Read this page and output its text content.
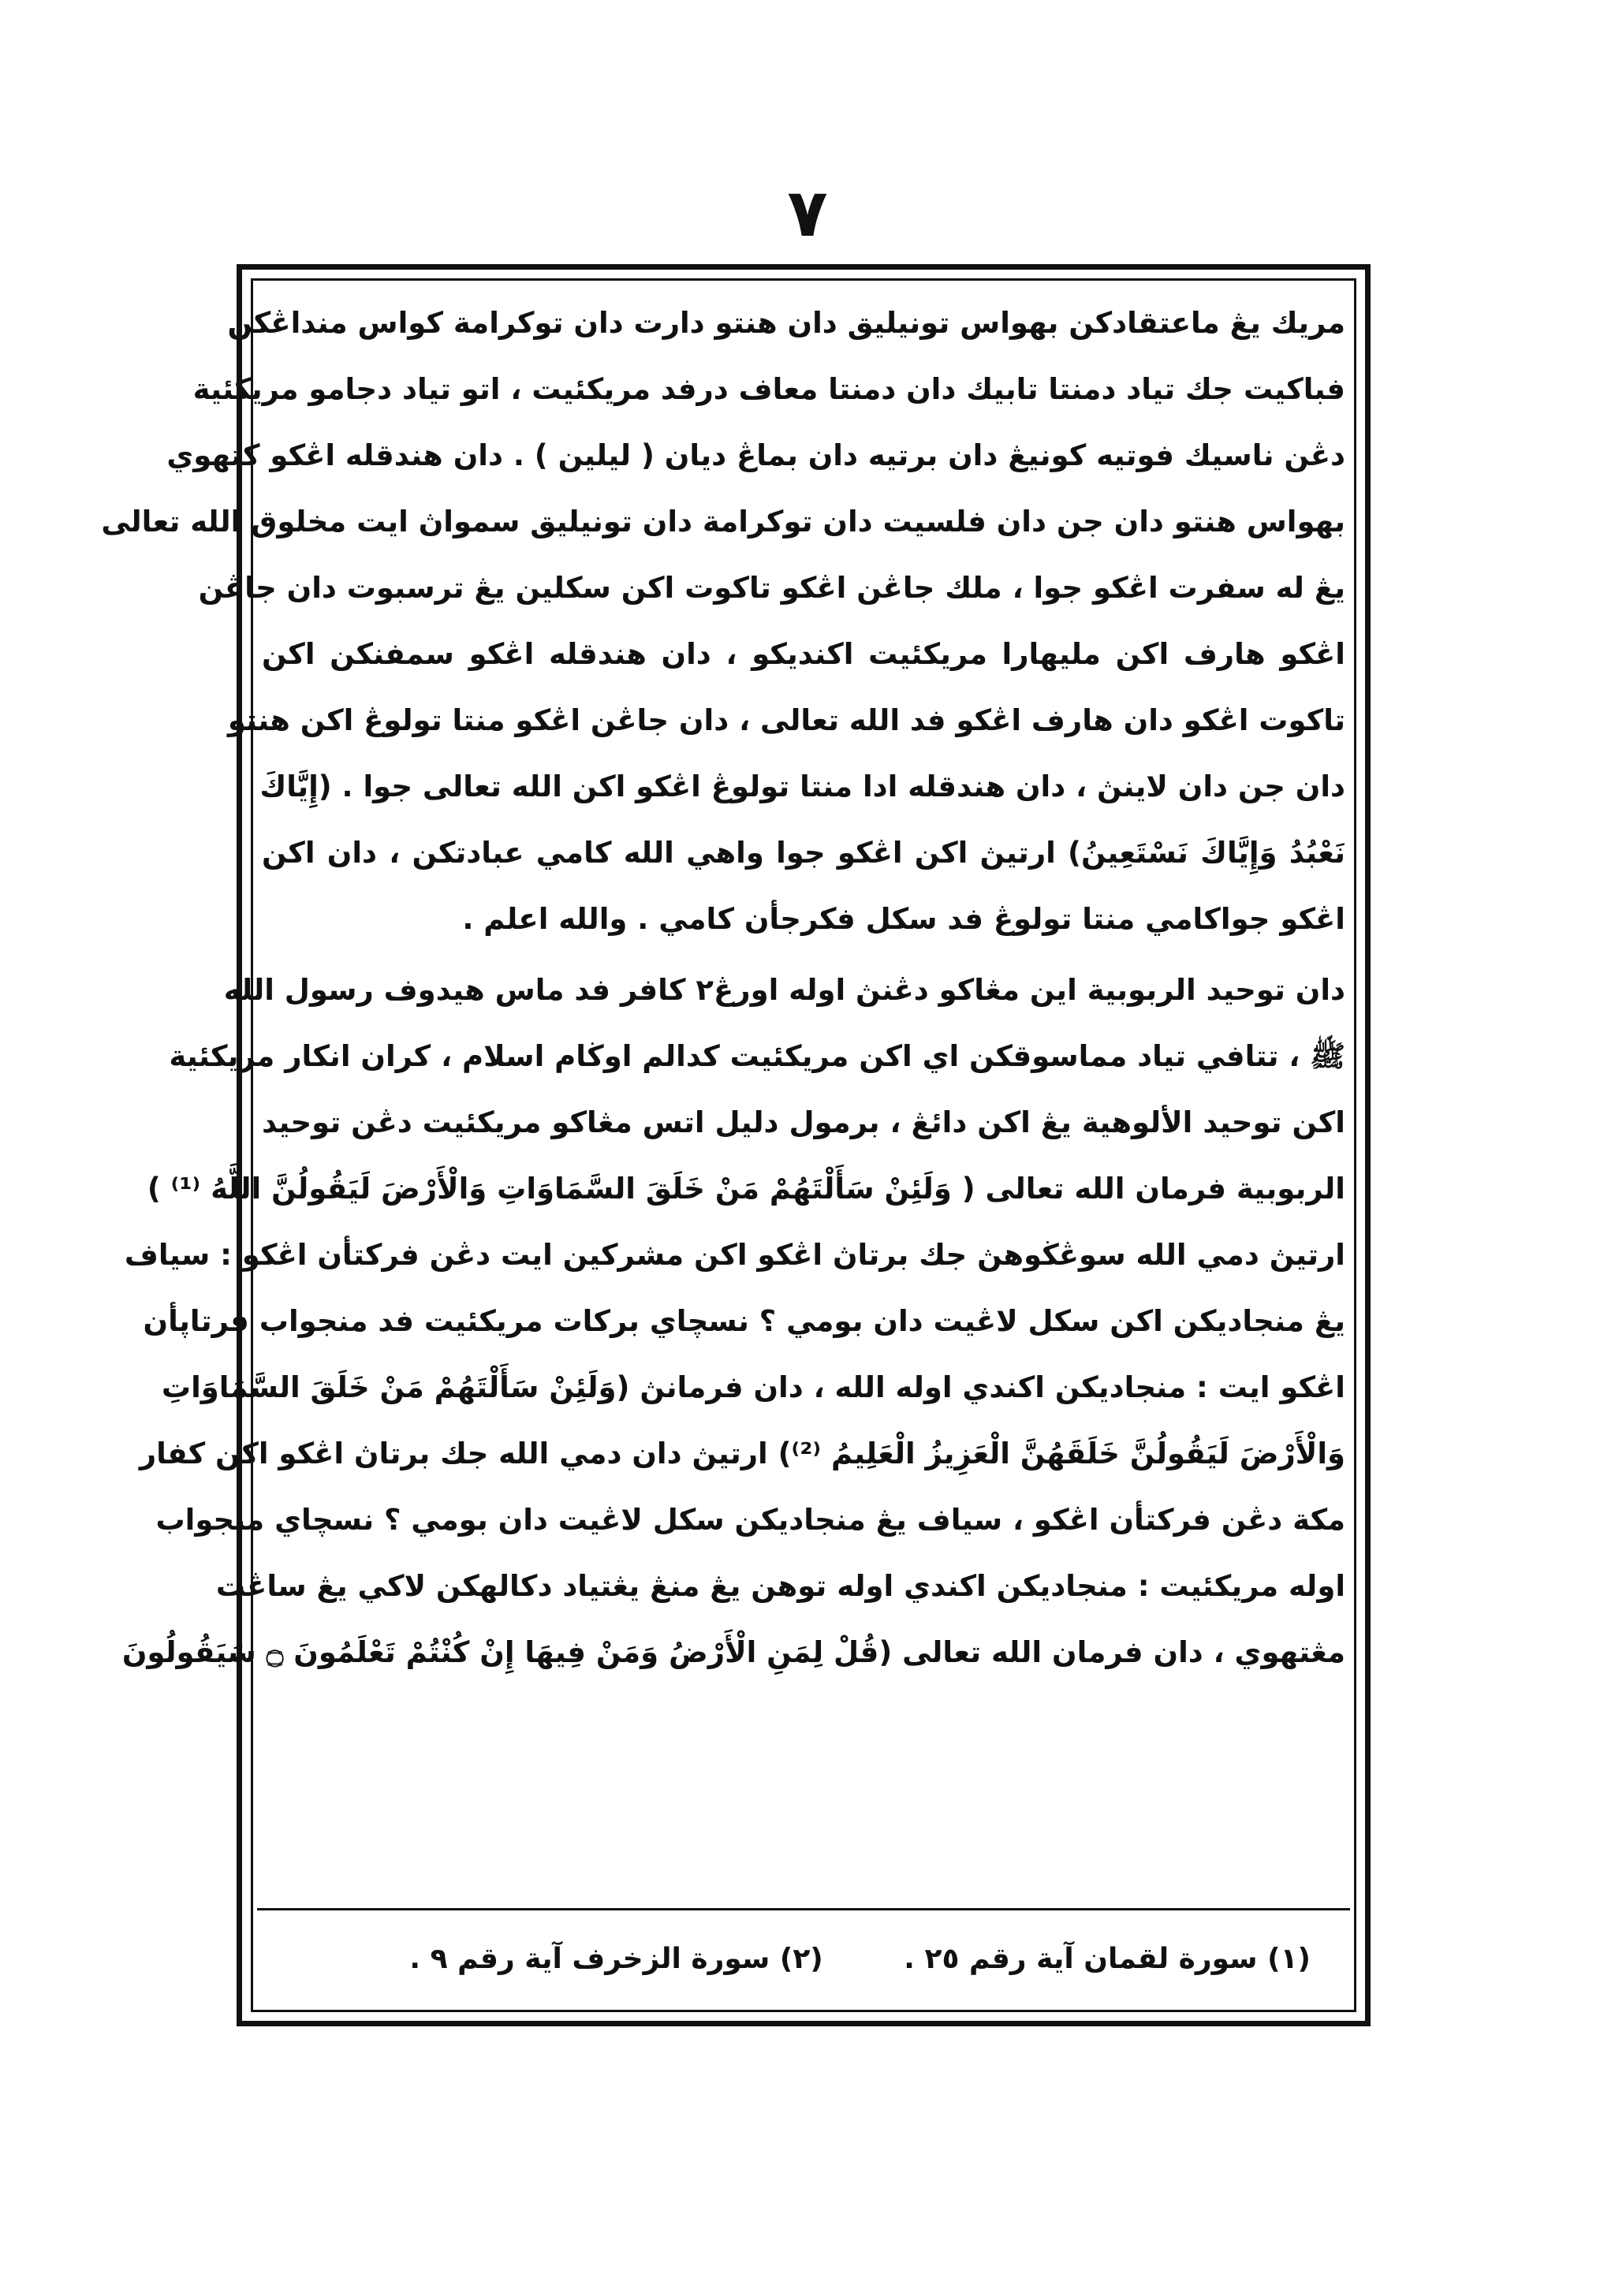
٧
مريك يڠ ماعتقادكن بهواس تونيليق دان هنتو دارت دان توكرامة كواس منداڠكن
فباكيت جك تياد دمنتا تابيك دان دمنتا معاف درفد مريكئيت ، اتو تياد دجامو مريكئية
دڠن ناسيك فوتيه كونيڠ دان برتيه دان بماڠ ديان ( ليلين ) . دان هندقله اڠكو كتهوي
بهواس هنتو دان جن دان فلسيت دان توكرامة دان تونيليق سمواڽ ايت مخلوق الله تعالى
يڠ له سفرت اڠكو جوا ، ملك جاڠن اڠكو تاكوت اكن سكلين يڠ ترسبوت دان جاڠن
اڠكو هارف اكن مليهارا مريكئيت اكنديكو ، دان هندقله اڠكو سمفنكن اكن
تاكوت اڠكو دان هارف اڠكو فد الله تعالى ، دان جاڠن اڠكو منتا تولوڠ اكن هنتو
دان جن دان لاينڽ ، دان هندقله ادا منتا تولوڠ اڠكو اكن الله تعالى جوا . (إِيَّاكَ
نَعْبُدُ وَإِيَّاكَ نَسْتَعِينُ) ارتيڽ اكن اڠكو جوا واهي الله كامي عبادتكن ، دان اكن
اڠكو جواكامي منتا تولوڠ فد سكل فكرجأن كامي . والله اعلم .
دان توحيد الربوبية اين مڠاكو دڠنڽ اوله اورڠ٢ كافر فد ماس هيدوف رسول الله
ﷺ ، تتافي تياد مماسوقكن اي اكن مريكئيت كدالم اوڬام اسلام ، كران انكار مريكئية
اكن توحيد الألوهية يڠ اكن دائڠ ، برمول دليل اتس مڠاكو مريكئيت دڠن توحيد
الربوبية فرمان الله تعالى ( وَلَئِنْ سَأَلْتَهُمْ مَنْ خَلَقَ السَّمَاوَاتِ وَالْأَرْضَ لَيَقُولُنَّ اللَّهُ ⁽¹⁾ )
ارتيڽ دمي الله سوڠڬوهڽ جك برتاڽ اڠكو اكن مشركين ايت دڠن فركتأن اڠكو : سياف
يڠ منجاديكن اكن سكل لاڠيت دان بومي ؟ نسچاي بركات مريكئيت فد منجواب فرتاڽأن
اڠكو ايت : منجاديكن اكندي اوله الله ، دان فرمانڽ (وَلَئِنْ سَأَلْتَهُمْ مَنْ خَلَقَ السَّمَاوَاتِ
وَالْأَرْضَ لَيَقُولُنَّ خَلَقَهُنَّ الْعَزِيزُ الْعَلِيمُ ⁽²⁾) ارتيڽ دان دمي الله جك برتاڽ اڠكو اكن كفار
مكة دڠن فركتأن اڠكو ، سياف يڠ منجاديكن سكل لاڠيت دان بومي ؟ نسچاي منجواب
اوله مريكئيت : منجاديكن اكندي اوله توهن يڠ منڠ يڠتياد دكالهكن لاكي يڠ ساڠت
مڠتهوي ، دان فرمان الله تعالى (قُلْ لِمَنِ الْأَرْضُ وَمَنْ فِيهَا إِنْ كُنْتُمْ تَعْلَمُونَ ۝ سَيَقُولُونَ
(١) سورة لقمان آية رقم ٢٥ . (٢) سورة الزخرف آية رقم ٩ .
